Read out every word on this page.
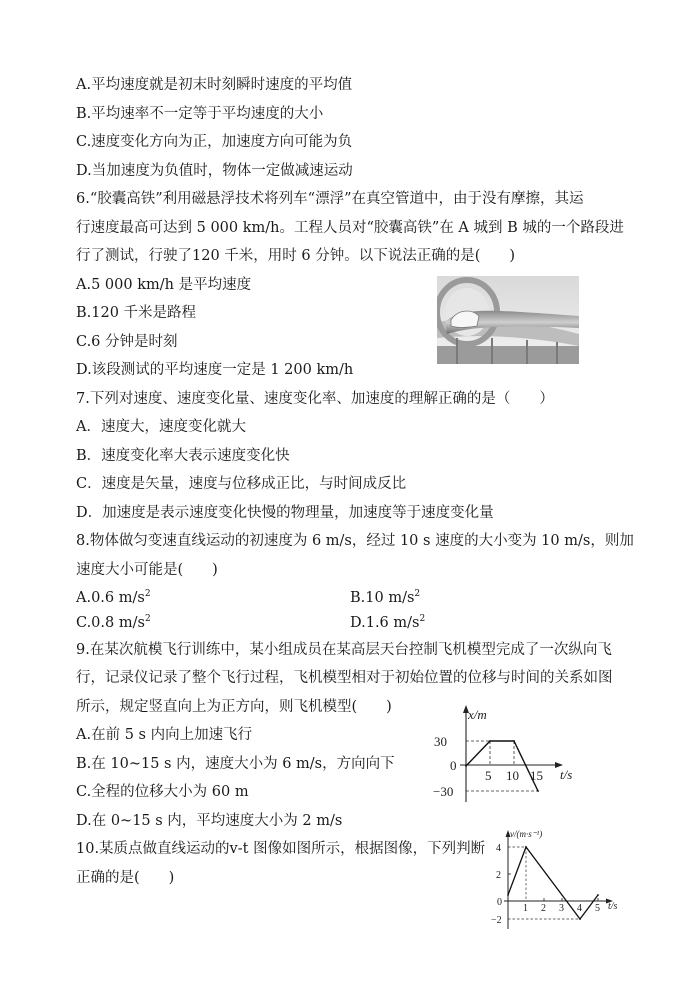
A.平均速度就是初末时刻瞬时速度的平均值
B.平均速率不一定等于平均速度的大小
C.速度变化方向为正，加速度方向可能为负
D.当加速度为负值时，物体一定做减速运动
6.“胶囊高铁”利用磁悬浮技术将列车“漂浮”在真空管道中，由于没有摩擦，其运
行速度最高可达到 5 000 km/h。工程人员对“胶囊高铁”在 A 城到 B 城的一个路段进
行了测试，行驶了120 千米，用时 6 分钟。以下说法正确的是(　　)
A.5 000 km/h 是平均速度
B.120 千米是路程
C.6 分钟是时刻
D.该段测试的平均速度一定是 1 200 km/h
7.下列对速度、速度变化量、速度变化率、加速度的理解正确的是（　　）
A．速度大，速度变化就大
B．速度变化率大表示速度变化快
C．速度是矢量，速度与位移成正比，与时间成反比
D．加速度是表示速度变化快慢的物理量，加速度等于速度变化量
8.物体做匀变速直线运动的初速度为 6 m/s，经过 10 s 速度的大小变为 10 m/s，则加
速度大小可能是(　　)
A.0.6 $m/s^2$	B.10 $m/s^2$
C.0.8 $m/s^2$	D.1.6 $m/s^2$
9.在某次航模飞行训练中，某小组成员在某高层天台控制飞机模型完成了一次纵向飞
行，记录仪记录了整个飞行过程，飞机模型相对于初始位置的位移与时间的关系如图
所示，规定竖直向上为正方向，则飞机模型(　　)
A.在前 5 s 内向上加速飞行
B.在 10~15 s 内，速度大小为 6 m/s，方向向下
C.全程的位移大小为 60 m
D.在 0~15 s 内，平均速度大小为 2 m/s
x/m
t/s
30
0
−30
5 10 15
10.某质点做直线运动的v-t 图像如图所示，根据图像，下列判断
正确的是(　　)
v/(m·s⁻¹)
t/s
4
2
0
−2
1 2 3 4 5
